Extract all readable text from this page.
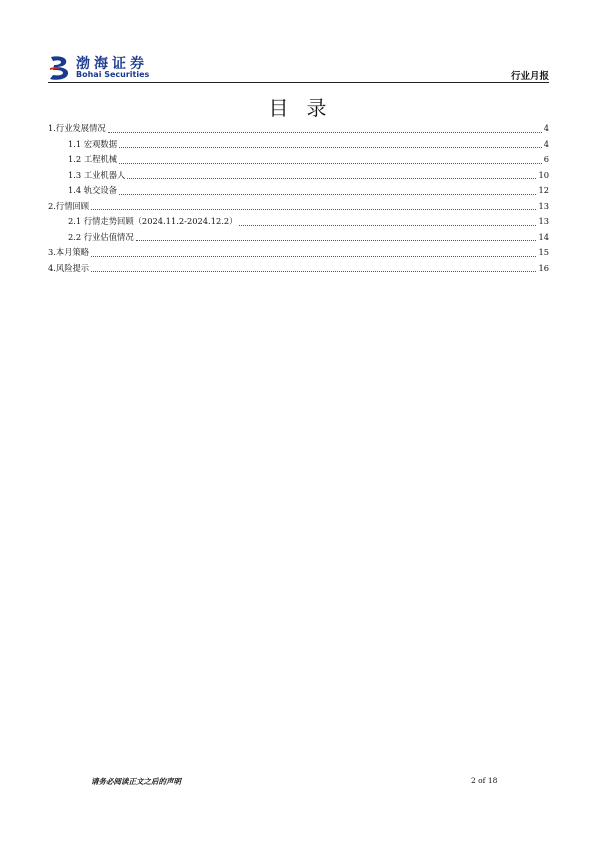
渤海证券
Bohai Securities	行业月报
目录
1.行业发展情况	4
1.1 宏观数据	4
1.2 工程机械	6
1.3 工业机器人	10
1.4 轨交设备	12
2.行情回顾	13
2.1 行情走势回顾（2024.11.2-2024.12.2）	13
2.2 行业估值情况	14
3.本月策略	15
4.风险提示	16
请务必阅读正文之后的声明	2 of 18
